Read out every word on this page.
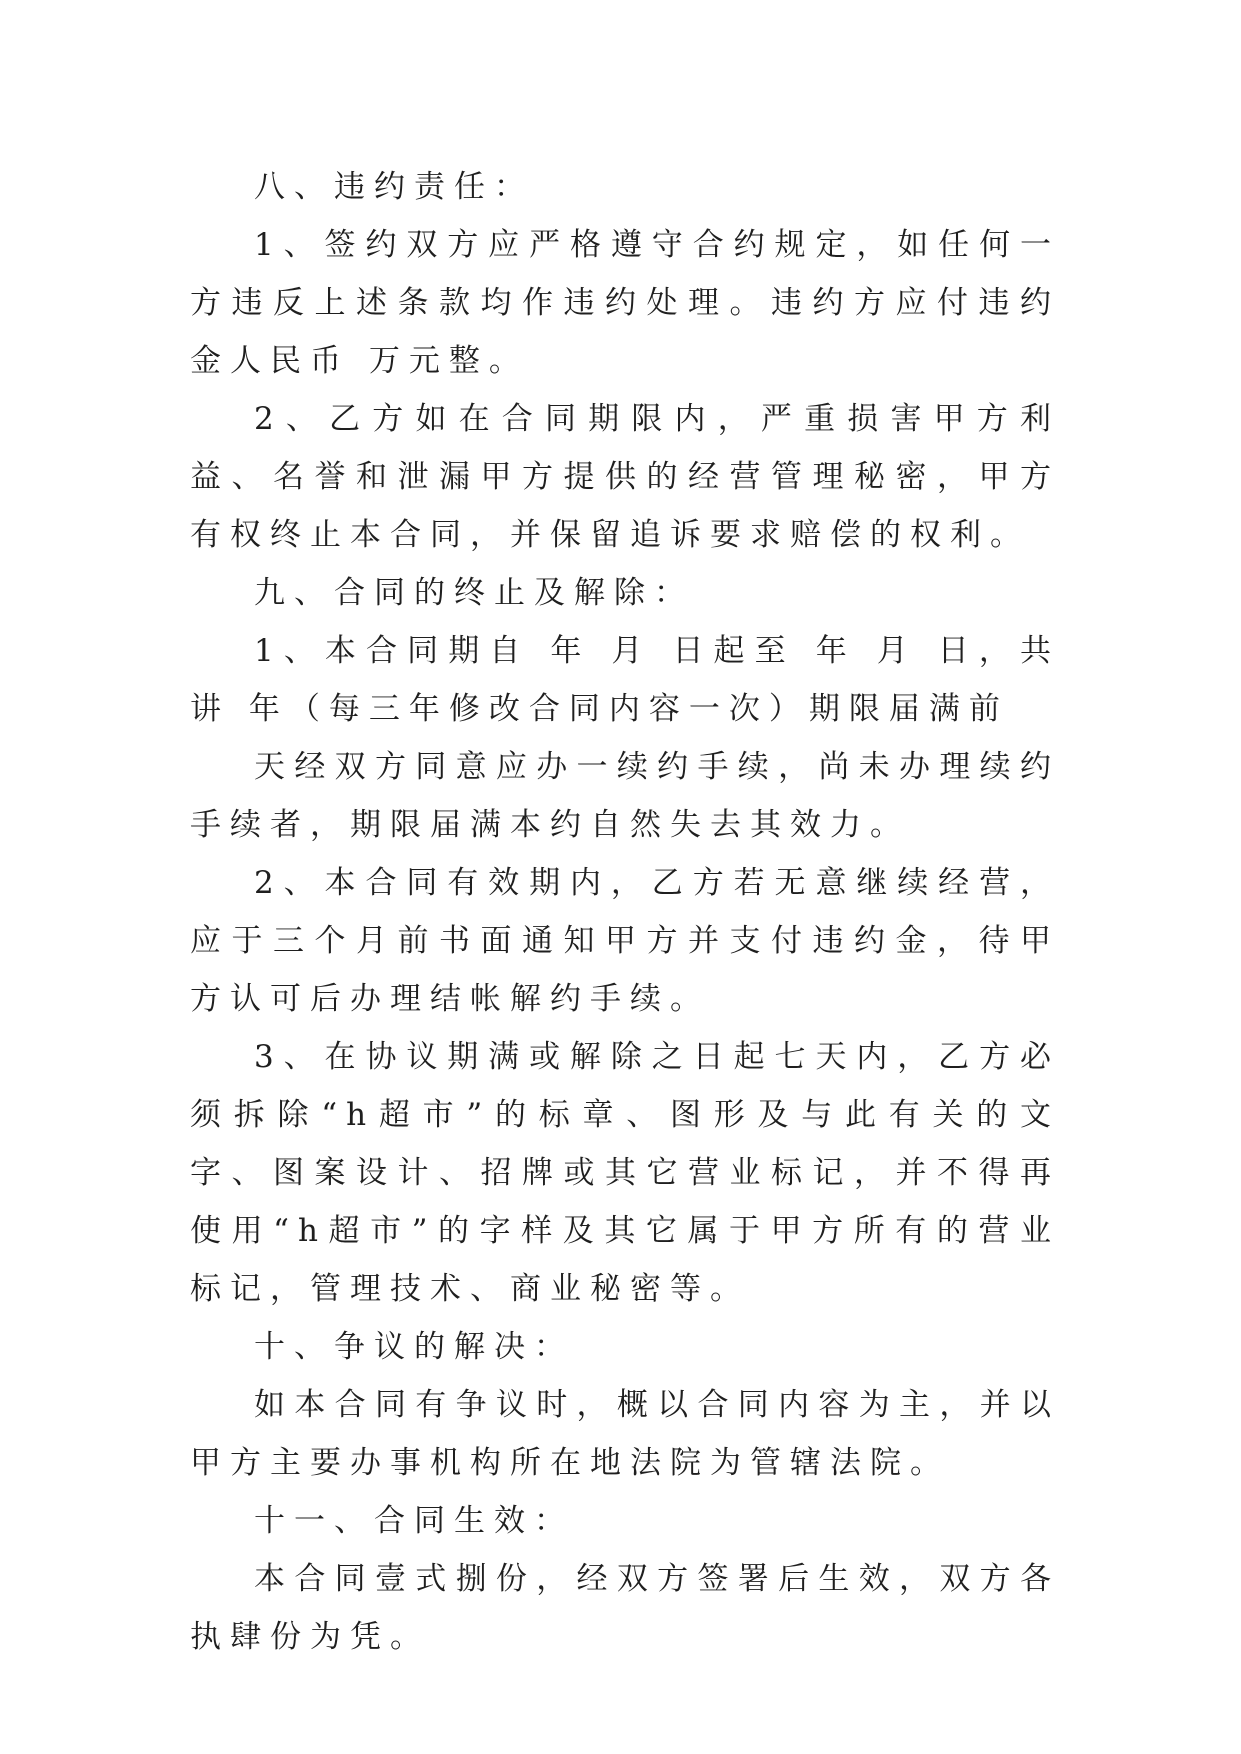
八、违约责任：

1、签约双方应严格遵守合约规定，如任何一方违反上述条款均作违约处理。违约方应付违约金人民币 万元整。

2、乙方如在合同期限内，严重损害甲方利益、名誉和泄漏甲方提供的经营管理秘密，甲方有权终止本合同，并保留追诉要求赔偿的权利。

九、合同的终止及解除：

1、本合同期自 年 月 日起至 年 月 日，共讲 年（每三年修改合同内容一次）期限届满前

天经双方同意应办一续约手续，尚未办理续约手续者，期限届满本约自然失去其效力。

2、本合同有效期内，乙方若无意继续经营，应于三个月前书面通知甲方并支付违约金，待甲方认可后办理结帐解约手续。

3、在协议期满或解除之日起七天内，乙方必须拆除“h超市”的标章、图形及与此有关的文字、图案设计、招牌或其它营业标记，并不得再使用“h超市”的字样及其它属于甲方所有的营业标记，管理技术、商业秘密等。

十、争议的解决：

如本合同有争议时，概以合同内容为主，并以甲方主要办事机构所在地法院为管辖法院。

十一、合同生效：

本合同壹式捌份，经双方签署后生效，双方各执肆份为凭。
